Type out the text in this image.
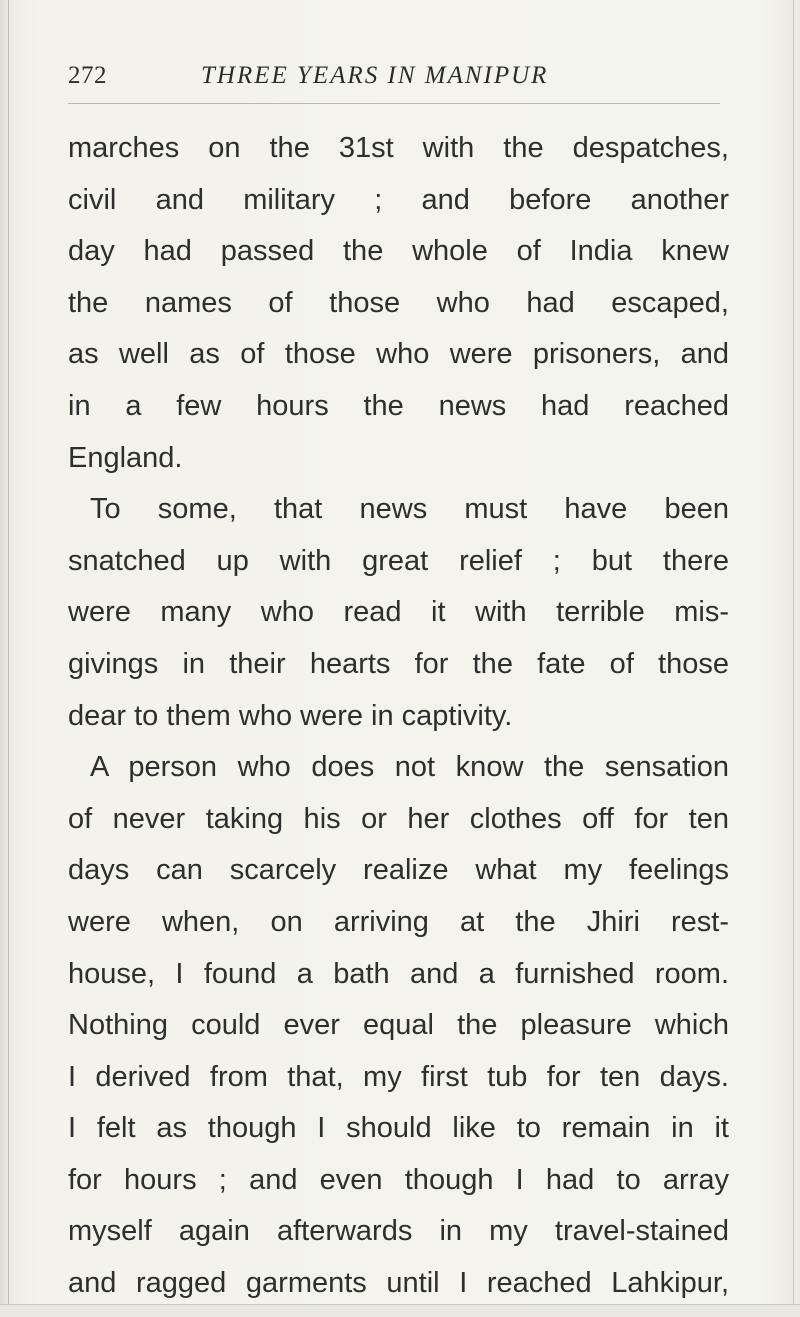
272	THREE YEARS IN MANIPUR
marches on the 31st with the despatches,
civil and military ; and before another
day had passed the whole of India knew
the names of those who had escaped,
as well as of those who were prisoners, and
in a few hours the news had reached
England.
To some, that news must have been
snatched up with great relief ; but there
were many who read it with terrible mis-
givings in their hearts for the fate of those
dear to them who were in captivity.
A person who does not know the sensation
of never taking his or her clothes off for ten
days can scarcely realize what my feelings
were when, on arriving at the Jhiri rest-
house, I found a bath and a furnished room.
Nothing could ever equal the pleasure which
I derived from that, my first tub for ten days.
I felt as though I should like to remain in it
for hours ; and even though I had to array
myself again afterwards in my travel-stained
and ragged garments until I reached Lahkipur,
